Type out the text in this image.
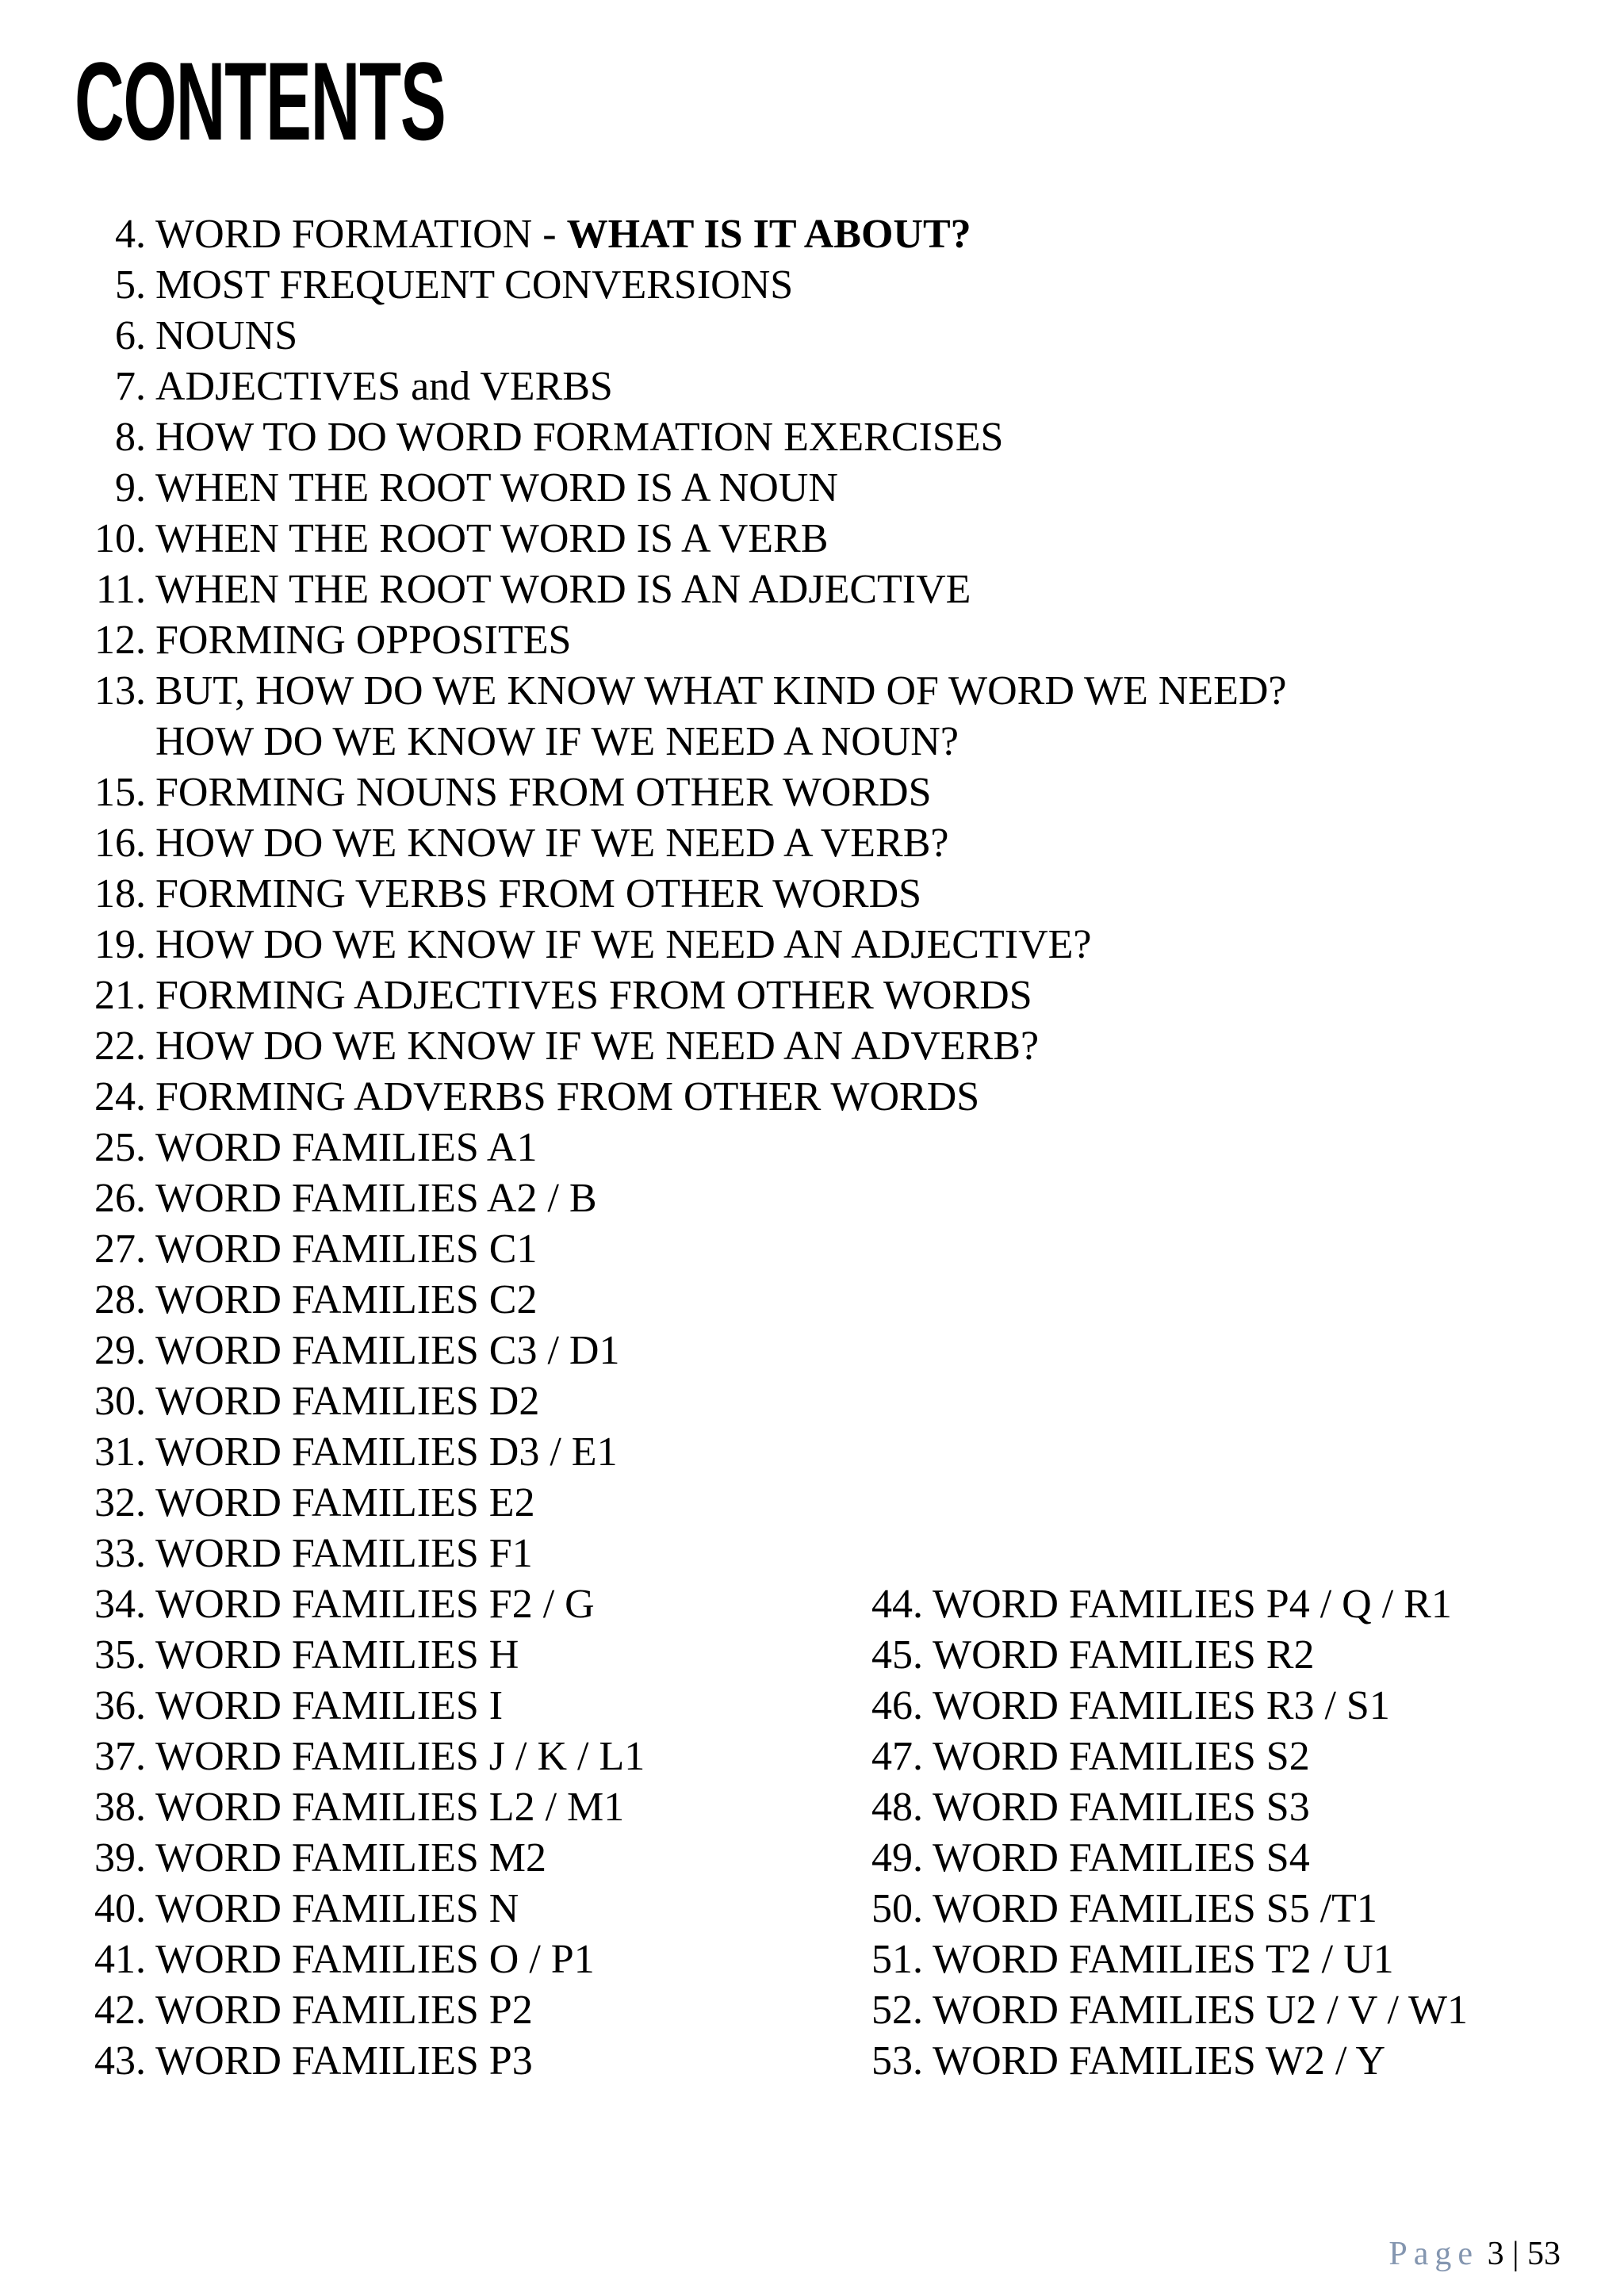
CONTENTS
4. WORD FORMATION - WHAT IS IT ABOUT?
5. MOST FREQUENT CONVERSIONS
6. NOUNS
7. ADJECTIVES and VERBS
8. HOW TO DO WORD FORMATION EXERCISES
9. WHEN THE ROOT WORD IS A NOUN
10. WHEN THE ROOT WORD IS A VERB
11. WHEN THE ROOT WORD IS AN ADJECTIVE
12. FORMING OPPOSITES
13. BUT, HOW DO WE KNOW WHAT KIND OF WORD WE NEED?
HOW DO WE KNOW IF WE NEED A NOUN?
15. FORMING NOUNS FROM OTHER WORDS
16. HOW DO WE KNOW IF WE NEED A VERB?
18. FORMING VERBS FROM OTHER WORDS
19. HOW DO WE KNOW IF WE NEED AN ADJECTIVE?
21. FORMING ADJECTIVES FROM OTHER WORDS
22. HOW DO WE KNOW IF WE NEED AN ADVERB?
24. FORMING ADVERBS FROM OTHER WORDS
25. WORD FAMILIES A1
26. WORD FAMILIES A2 / B
27. WORD FAMILIES C1
28. WORD FAMILIES C2
29. WORD FAMILIES C3 / D1
30. WORD FAMILIES D2
31. WORD FAMILIES D3 / E1
32. WORD FAMILIES E2
33. WORD FAMILIES F1
34. WORD FAMILIES F2 / G
35. WORD FAMILIES H
36. WORD FAMILIES I
37. WORD FAMILIES J / K / L1
38. WORD FAMILIES L2 / M1
39. WORD FAMILIES M2
40. WORD FAMILIES N
41. WORD FAMILIES O / P1
42. WORD FAMILIES P2
43. WORD FAMILIES P3
44. WORD FAMILIES P4 / Q / R1
45. WORD FAMILIES R2
46. WORD FAMILIES R3 / S1
47. WORD FAMILIES S2
48. WORD FAMILIES S3
49. WORD FAMILIES S4
50. WORD FAMILIES S5 /T1
51. WORD FAMILIES T2 / U1
52. WORD FAMILIES U2 / V / W1
53. WORD FAMILIES W2 / Y
Page 3 | 53
